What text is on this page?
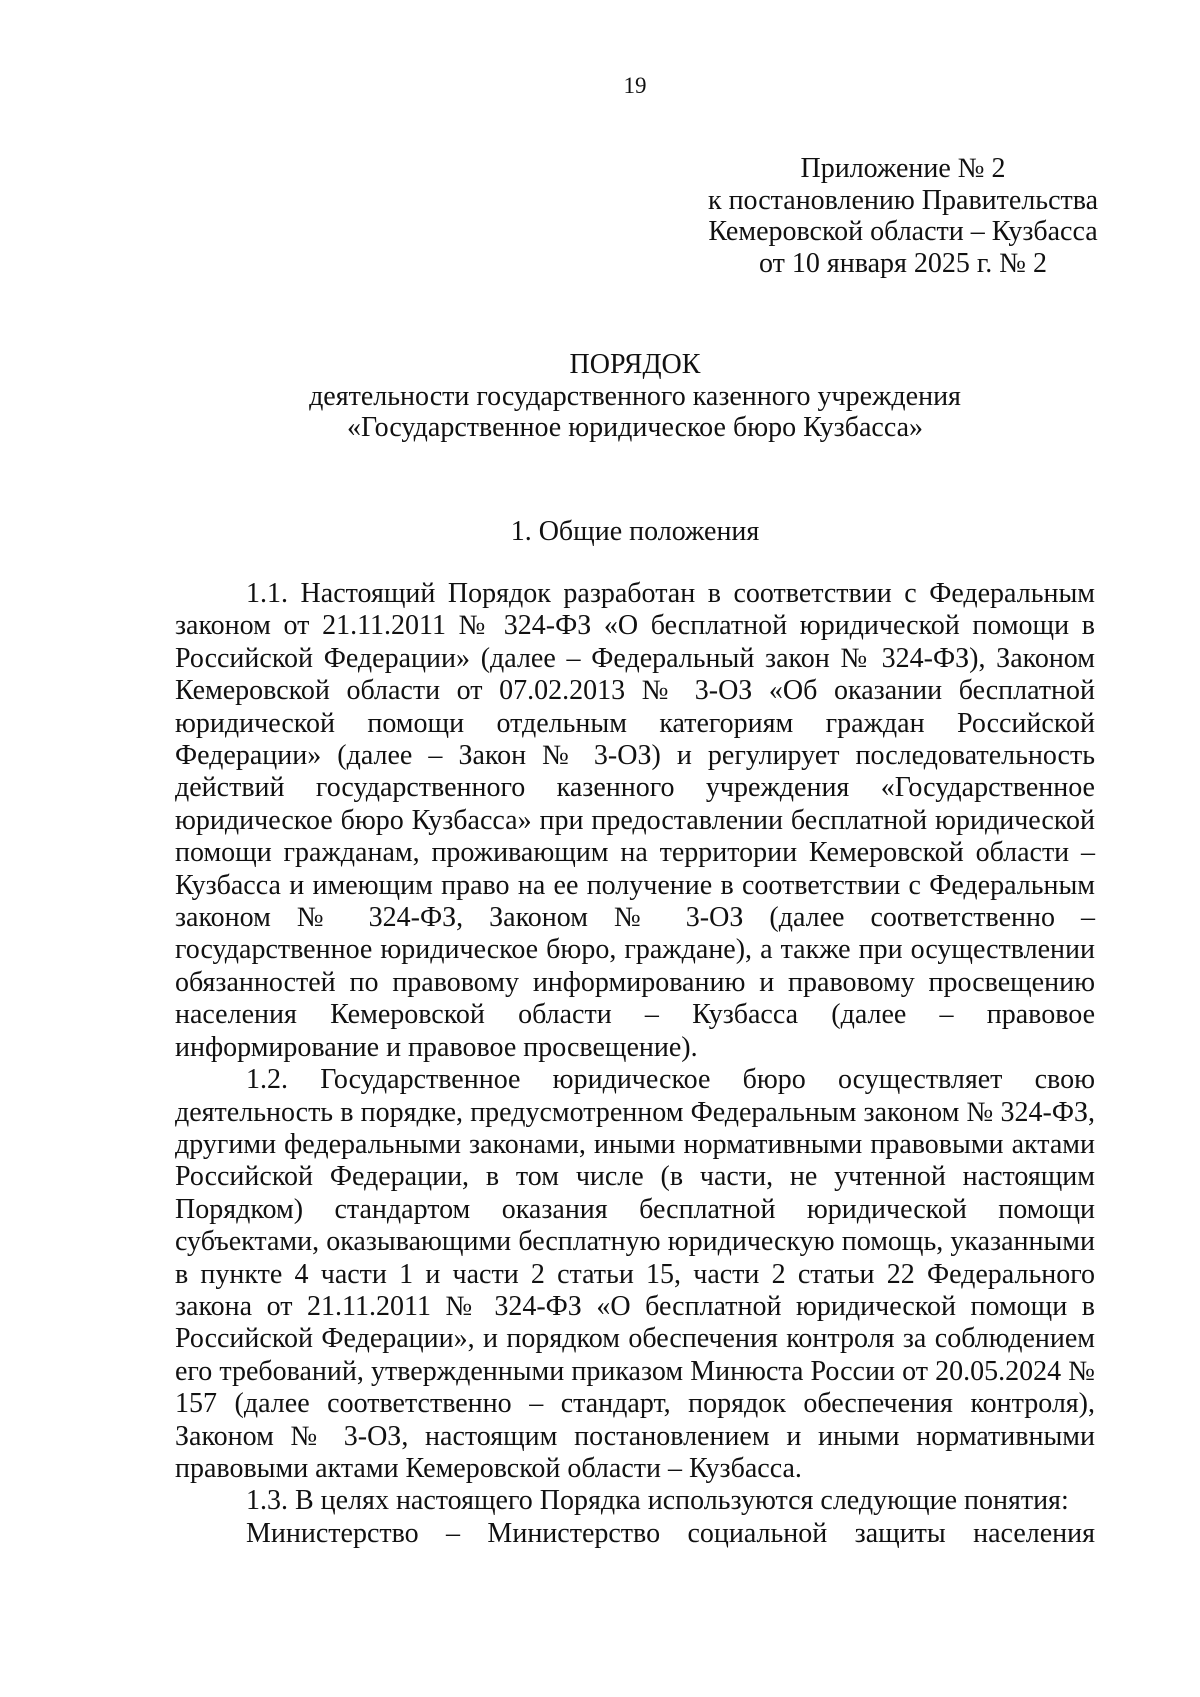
19
Приложение № 2
к постановлению Правительства
Кемеровской области – Кузбасса
от 10 января 2025 г. № 2
ПОРЯДОК
деятельности государственного казенного учреждения
«Государственное юридическое бюро Кузбасса»
1. Общие положения

1.1. Настоящий Порядок разработан в соответствии с Федеральным законом от 21.11.2011 № 324-ФЗ «О бесплатной юридической помощи в Российской Федерации» (далее – Федеральный закон № 324-ФЗ), Законом Кемеровской области от 07.02.2013 № 3-ОЗ «Об оказании бесплатной юридической помощи отдельным категориям граждан Российской Федерации» (далее – Закон № 3-ОЗ) и регулирует последовательность действий государственного казенного учреждения «Государственное юридическое бюро Кузбасса» при предоставлении бесплатной юридической помощи гражданам, проживающим на территории Кемеровской области – Кузбасса и имеющим право на ее получение в соответствии с Федеральным законом № 324-ФЗ, Законом № 3-ОЗ (далее соответственно – государственное юридическое бюро, граждане), а также при осуществлении обязанностей по правовому информированию и правовому просвещению населения Кемеровской области – Кузбасса (далее – правовое информирование и правовое просвещение).

1.2. Государственное юридическое бюро осуществляет свою деятельность в порядке, предусмотренном Федеральным законом № 324-ФЗ, другими федеральными законами, иными нормативными правовыми актами Российской Федерации, в том числе (в части, не учтенной настоящим Порядком) стандартом оказания бесплатной юридической помощи субъектами, оказывающими бесплатную юридическую помощь, указанными в пункте 4 части 1 и части 2 статьи 15, части 2 статьи 22 Федерального закона от 21.11.2011 № 324-ФЗ «О бесплатной юридической помощи в Российской Федерации», и порядком обеспечения контроля за соблюдением его требований, утвержденными приказом Минюста России от 20.05.2024 № 157 (далее соответственно – стандарт, порядок обеспечения контроля), Законом № 3-ОЗ, настоящим постановлением и иными нормативными правовыми актами Кемеровской области – Кузбасса.

1.3. В целях настоящего Порядка используются следующие понятия:

Министерство – Министерство социальной защиты населения
